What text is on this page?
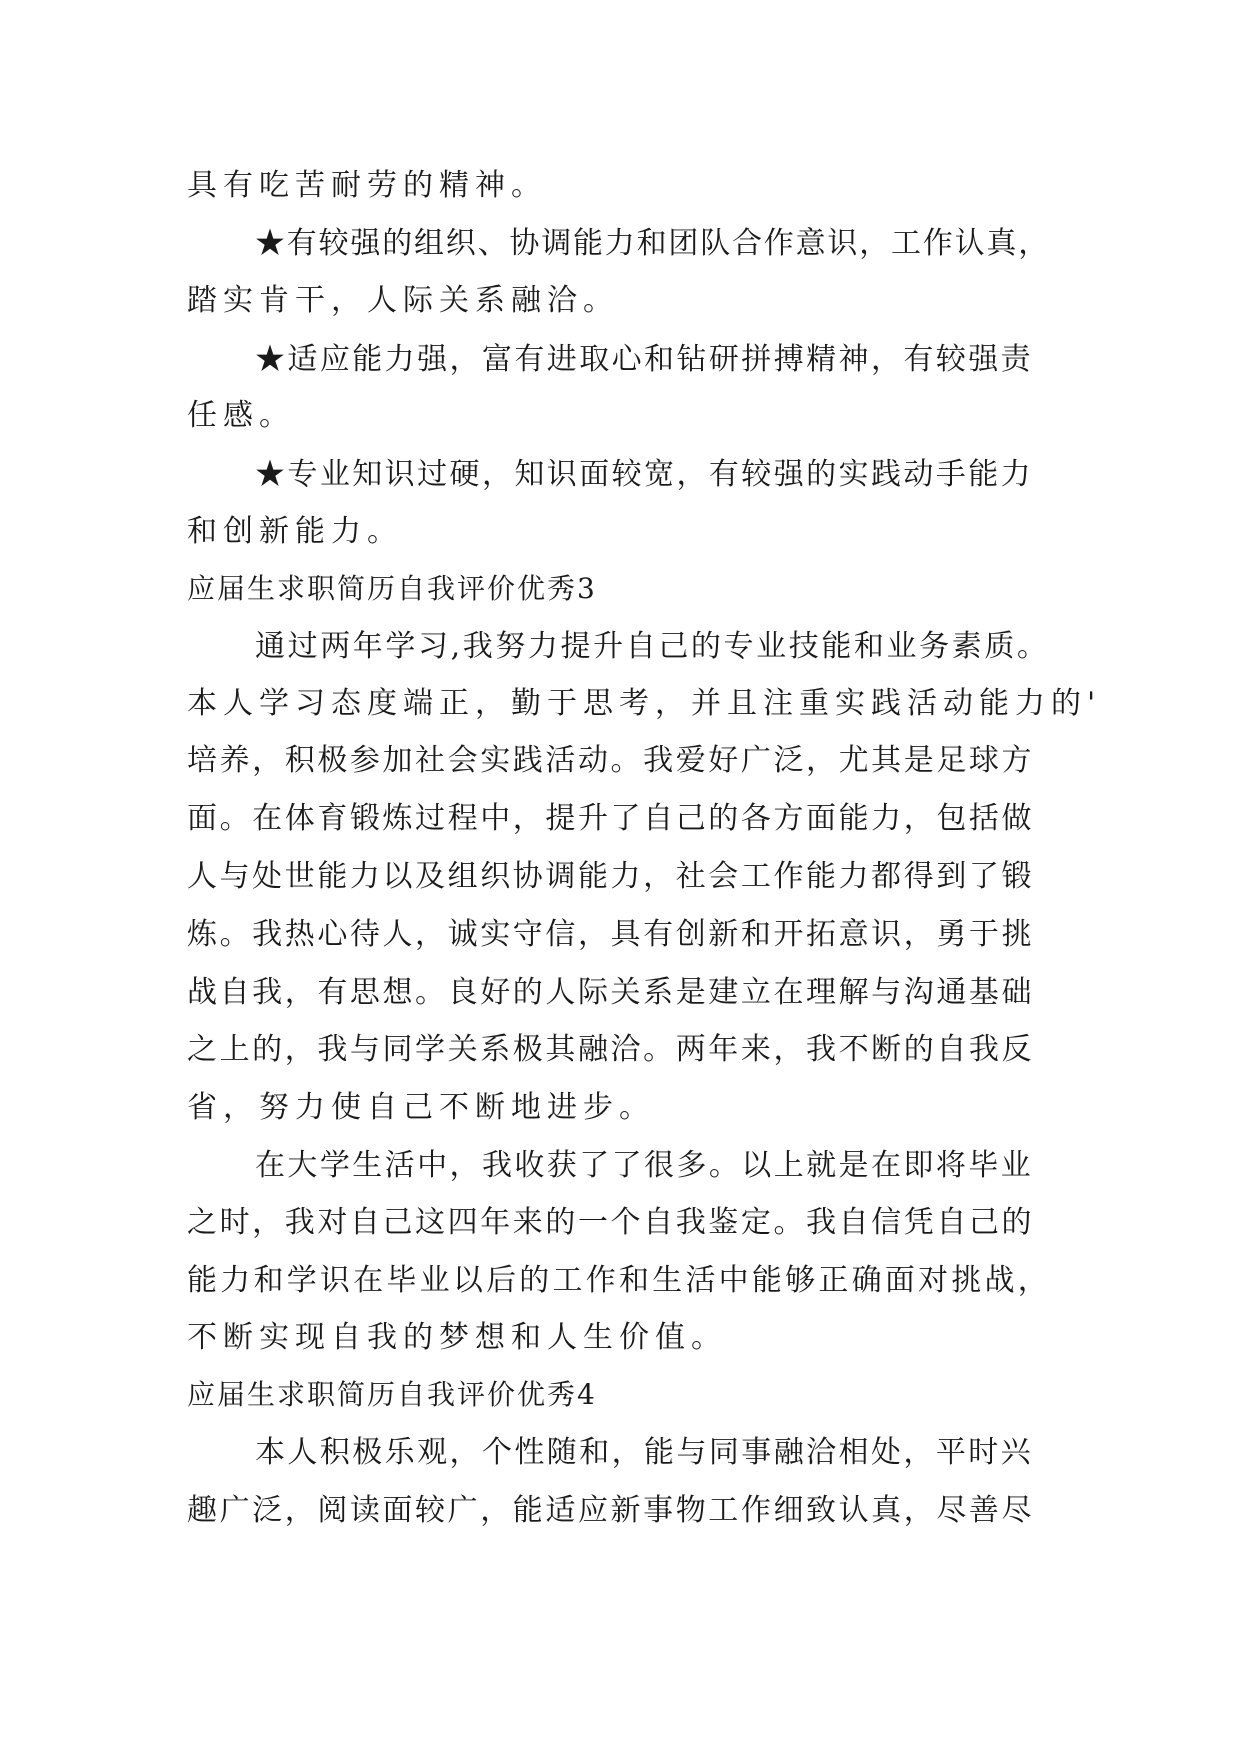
具有吃苦耐劳的精神。
★有较强的组织、协调能力和团队合作意识，工作认真，
踏实肯干，人际关系融洽。
★适应能力强，富有进取心和钻研拼搏精神，有较强责
任感。
★专业知识过硬，知识面较宽，有较强的实践动手能力
和创新能力。
应届生求职简历自我评价优秀3
通过两年学习,我努力提升自己的专业技能和业务素质。
本人学习态度端正，勤于思考，并且注重实践活动能力的'
培养，积极参加社会实践活动。我爱好广泛，尤其是足球方
面。在体育锻炼过程中，提升了自己的各方面能力，包括做
人与处世能力以及组织协调能力，社会工作能力都得到了锻
炼。我热心待人，诚实守信，具有创新和开拓意识，勇于挑
战自我，有思想。良好的人际关系是建立在理解与沟通基础
之上的，我与同学关系极其融洽。两年来，我不断的自我反
省，努力使自己不断地进步。
在大学生活中，我收获了了很多。以上就是在即将毕业
之时，我对自己这四年来的一个自我鉴定。我自信凭自己的
能力和学识在毕业以后的工作和生活中能够正确面对挑战，
不断实现自我的梦想和人生价值。
应届生求职简历自我评价优秀4
本人积极乐观，个性随和，能与同事融洽相处，平时兴
趣广泛，阅读面较广，能适应新事物工作细致认真，尽善尽
